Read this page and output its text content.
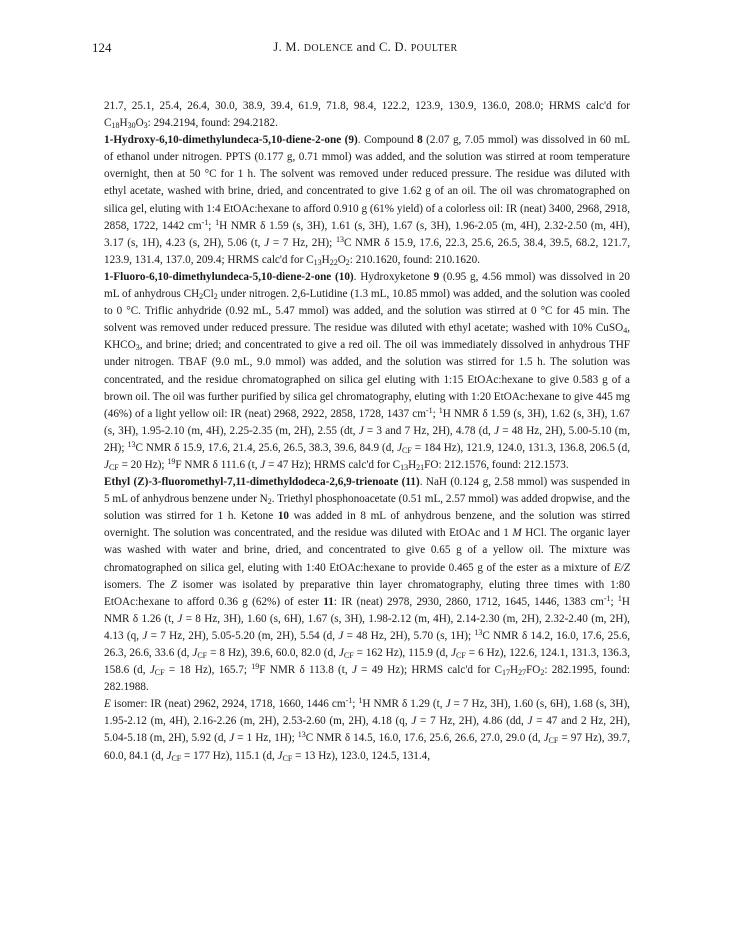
124	J. M. DOLENCE and C. D. POULTER

21.7, 25.1, 25.4, 26.4, 30.0, 38.9, 39.4, 61.9, 71.8, 98.4, 122.2, 123.9, 130.9, 136.0, 208.0; HRMS calc'd for $C_{18}H_{30}O_3$: 294.2194, found: 294.2182.

1-Hydroxy-6,10-dimethylundeca-5,10-diene-2-one (9). Compound 8 (2.07 g, 7.05 mmol) was dissolved in 60 mL of ethanol under nitrogen. PPTS (0.177 g, 0.71 mmol) was added, and the solution was stirred at room temperature overnight, then at 50 °C for 1 h. The solvent was removed under reduced pressure. The residue was diluted with ethyl acetate, washed with brine, dried, and concentrated to give 1.62 g of an oil. The oil was chromatographed on silica gel, eluting with 1:4 EtOAc:hexane to afford 0.910 g (61% yield) of a colorless oil: IR (neat) 3400, 2968, 2918, 2858, 1722, 1442 $cm^{-1}$; $^1$H NMR δ 1.59 (s, 3H), 1.61 (s, 3H), 1.67 (s, 3H), 1.96-2.05 (m, 4H), 2.32-2.50 (m, 4H), 3.17 (s, 1H), 4.23 (s, 2H), 5.06 (t, J = 7 Hz, 2H); $^{13}$C NMR δ 15.9, 17.6, 22.3, 25.6, 26.5, 38.4, 39.5, 68.2, 121.7, 123.9, 131.4, 137.0, 209.4; HRMS calc'd for $C_{13}H_{22}O_2$: 210.1620, found: 210.1620.

1-Fluoro-6,10-dimethylundeca-5,10-diene-2-one (10). Hydroxyketone 9 (0.95 g, 4.56 mmol) was dissolved in 20 mL of anhydrous $CH_2Cl_2$ under nitrogen. 2,6-Lutidine (1.3 mL, 10.85 mmol) was added, and the solution was cooled to 0 °C. Triflic anhydride (0.92 mL, 5.47 mmol) was added, and the solution was stirred at 0 °C for 45 min. The solvent was removed under reduced pressure. The residue was diluted with ethyl acetate; washed with 10% CuSO$_4$, $KHCO_3$, and brine; dried; and concentrated to give a red oil. The oil was immediately dissolved in anhydrous THF under nitrogen. TBAF (9.0 mL, 9.0 mmol) was added, and the solution was stirred for 1.5 h. The solution was concentrated, and the residue chromatographed on silica gel eluting with 1:15 EtOAc:hexane to give 0.583 g of a brown oil. The oil was further purified by silica gel chromatography, eluting with 1:20 EtOAc:hexane to give 445 mg (46%) of a light yellow oil: IR (neat) 2968, 2922, 2858, 1728, 1437 $cm^{-1}$; $^1$H NMR δ 1.59 (s, 3H), 1.62 (s, 3H), 1.67 (s, 3H), 1.95-2.10 (m, 4H), 2.25-2.35 (m, 2H), 2.55 (dt, J = 3 and 7 Hz, 2H), 4.78 (d, J = 48 Hz, 2H), 5.00-5.10 (m, 2H); $^{13}$C NMR δ 15.9, 17.6, 21.4, 25.6, 26.5, 38.3, 39.6, 84.9 (d, $J_{CF} = 184$ Hz), 121.9, 124.0, 131.3, 136.8, 206.5 (d, $J_{CF} = 20$ Hz); $^{19}$F NMR δ 111.6 (t, J = 47 Hz); HRMS calc'd for $C_{13}H_{21}FO$: 212.1576, found: 212.1573.

Ethyl (Z)-3-fluoromethyl-7,11-dimethyldodeca-2,6,9-trienoate (11). NaH (0.124 g, 2.58 mmol) was suspended in 5 mL of anhydrous benzene under $N_2$. Triethyl phosphonoacetate (0.51 mL, 2.57 mmol) was added dropwise, and the solution was stirred for 1 h. Ketone 10 was added in 8 mL of anhydrous benzene, and the solution was stirred overnight. The solution was concentrated, and the residue was diluted with EtOAc and 1 M HCl. The organic layer was washed with water and brine, dried, and concentrated to give 0.65 g of a yellow oil. The mixture was chromatographed on silica gel, eluting with 1:40 EtOAc:hexane to provide 0.465 g of the ester as a mixture of E/Z isomers. The Z isomer was isolated by preparative thin layer chromatography, eluting three times with 1:80 EtOAc:hexane to afford 0.36 g (62%) of ester 11: IR (neat) 2978, 2930, 2860, 1712, 1645, 1446, 1383 $cm^{-1}$; $^1$H NMR δ 1.26 (t, J = 8 Hz, 3H), 1.60 (s, 6H), 1.67 (s, 3H), 1.98-2.12 (m, 4H), 2.14-2.30 (m, 2H), 2.32-2.40 (m, 2H), 4.13 (q, J = 7 Hz, 2H), 5.05-5.20 (m, 2H), 5.54 (d, J = 48 Hz, 2H), 5.70 (s, 1H); $^{13}$C NMR δ 14.2, 16.0, 17.6, 25.6, 26.3, 26.6, 33.6 (d, $J_{CF} = 8$ Hz), 39.6, 60.0, 82.0 (d, $J_{CF} = 162$ Hz), 115.9 (d, $J_{CF} = 6$ Hz), 122.6, 124.1, 131.3, 136.3, 158.6 (d, $J_{CF} = 18$ Hz), 165.7; $^{19}$F NMR δ 113.8 (t, J = 49 Hz); HRMS calc'd for $C_{17}H_{27}FO_2$: 282.1995, found: 282.1988.

E isomer: IR (neat) 2962, 2924, 1718, 1660, 1446 $cm^{-1}$; $^1$H NMR δ 1.29 (t, J = 7 Hz, 3H), 1.60 (s, 6H), 1.68 (s, 3H), 1.95-2.12 (m, 4H), 2.16-2.26 (m, 2H), 2.53-2.60 (m, 2H), 4.18 (q, J = 7 Hz, 2H), 4.86 (dd, J = 47 and 2 Hz, 2H), 5.04-5.18 (m, 2H), 5.92 (d, J = 1 Hz, 1H); $^{13}$C NMR δ 14.5, 16.0, 17.6, 25.6, 26.6, 27.0, 29.0 (d, $J_{CF} = 97$ Hz), 39.7, 60.0, 84.1 (d, $J_{CF} = 177$ Hz), 115.1 (d, $J_{CF} = 13$ Hz), 123.0, 124.5, 131.4,
